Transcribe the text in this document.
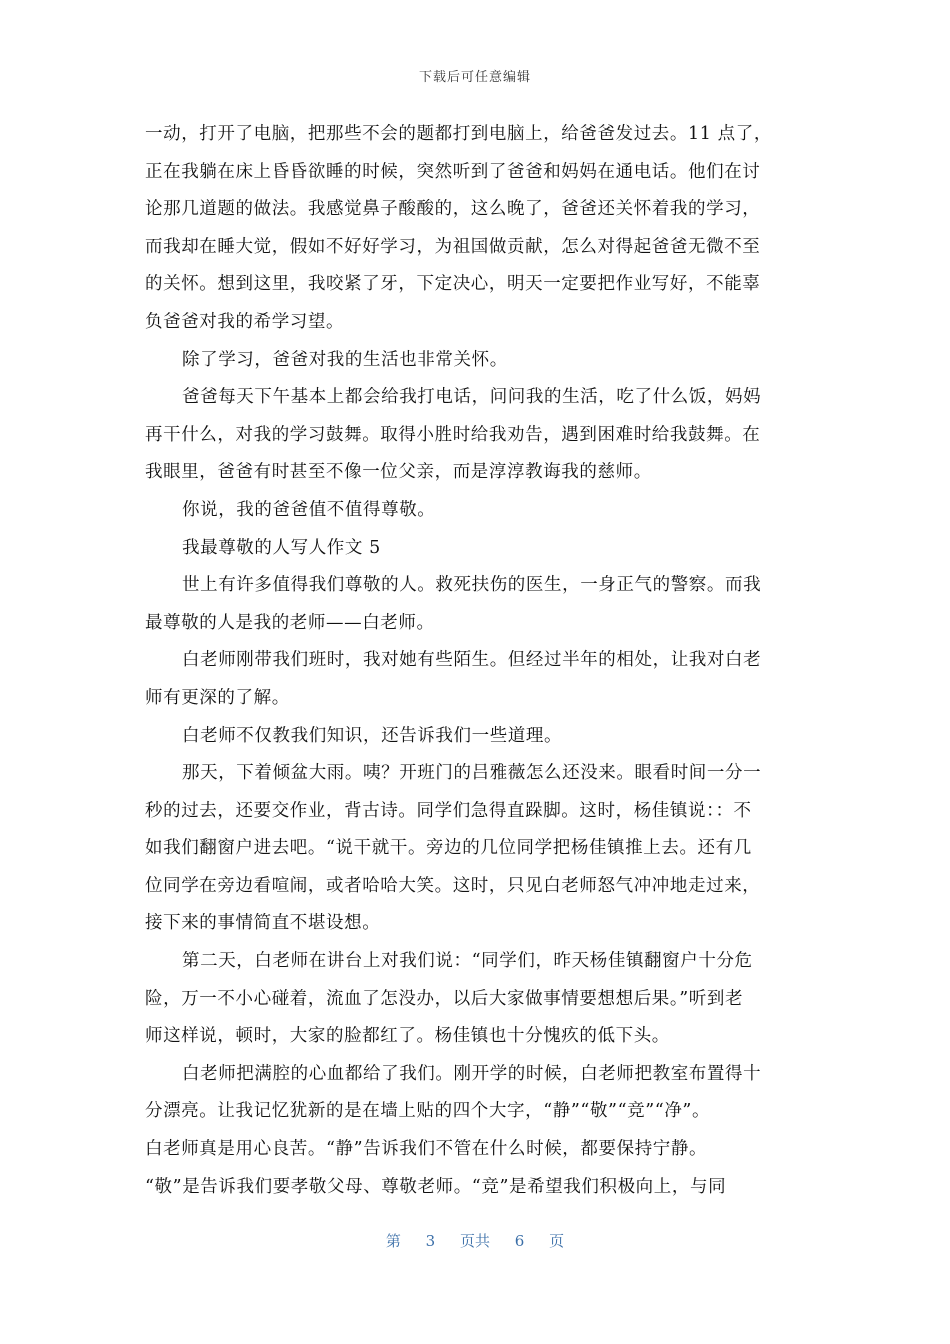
下载后可任意编辑
一动，打开了电脑，把那些不会的题都打到电脑上，给爸爸发过去。11 点了，
正在我躺在床上昏昏欲睡的时候，突然听到了爸爸和妈妈在通电话。他们在讨
论那几道题的做法。我感觉鼻子酸酸的，这么晚了，爸爸还关怀着我的学习，
而我却在睡大觉，假如不好好学习，为祖国做贡献，怎么对得起爸爸无微不至
的关怀。想到这里，我咬紧了牙，下定决心，明天一定要把作业写好，不能辜
负爸爸对我的希学习望。
除了学习，爸爸对我的生活也非常关怀。
爸爸每天下午基本上都会给我打电话，问问我的生活，吃了什么饭，妈妈
再干什么，对我的学习鼓舞。取得小胜时给我劝告，遇到困难时给我鼓舞。在
我眼里，爸爸有时甚至不像一位父亲，而是淳淳教诲我的慈师。
你说，我的爸爸值不值得尊敬。
我最尊敬的人写人作文 5
世上有许多值得我们尊敬的人。救死扶伤的医生，一身正气的警察。而我
最尊敬的人是我的老师——白老师。
白老师刚带我们班时，我对她有些陌生。但经过半年的相处，让我对白老
师有更深的了解。
白老师不仅教我们知识，还告诉我们一些道理。
那天，下着倾盆大雨。咦？开班门的吕雅薇怎么还没来。眼看时间一分一
秒的过去，还要交作业，背古诗。同学们急得直跺脚。这时，杨佳镇说：：不
如我们翻窗户进去吧。“说干就干。旁边的几位同学把杨佳镇推上去。还有几
位同学在旁边看喧闹，或者哈哈大笑。这时，只见白老师怒气冲冲地走过来，
接下来的事情简直不堪设想。
第二天，白老师在讲台上对我们说：“同学们，昨天杨佳镇翻窗户十分危
险，万一不小心碰着，流血了怎没办，以后大家做事情要想想后果。”听到老
师这样说，顿时，大家的脸都红了。杨佳镇也十分愧疚的低下头。
白老师把满腔的心血都给了我们。刚开学的时候，白老师把教室布置得十
分漂亮。让我记忆犹新的是在墙上贴的四个大字，“静”“敬”“竞”“净”。
白老师真是用心良苦。“静”告诉我们不管在什么时候，都要保持宁静。
“敬”是告诉我们要孝敬父母、尊敬老师。“竞”是希望我们积极向上，与同
第 3 页共 6 页
